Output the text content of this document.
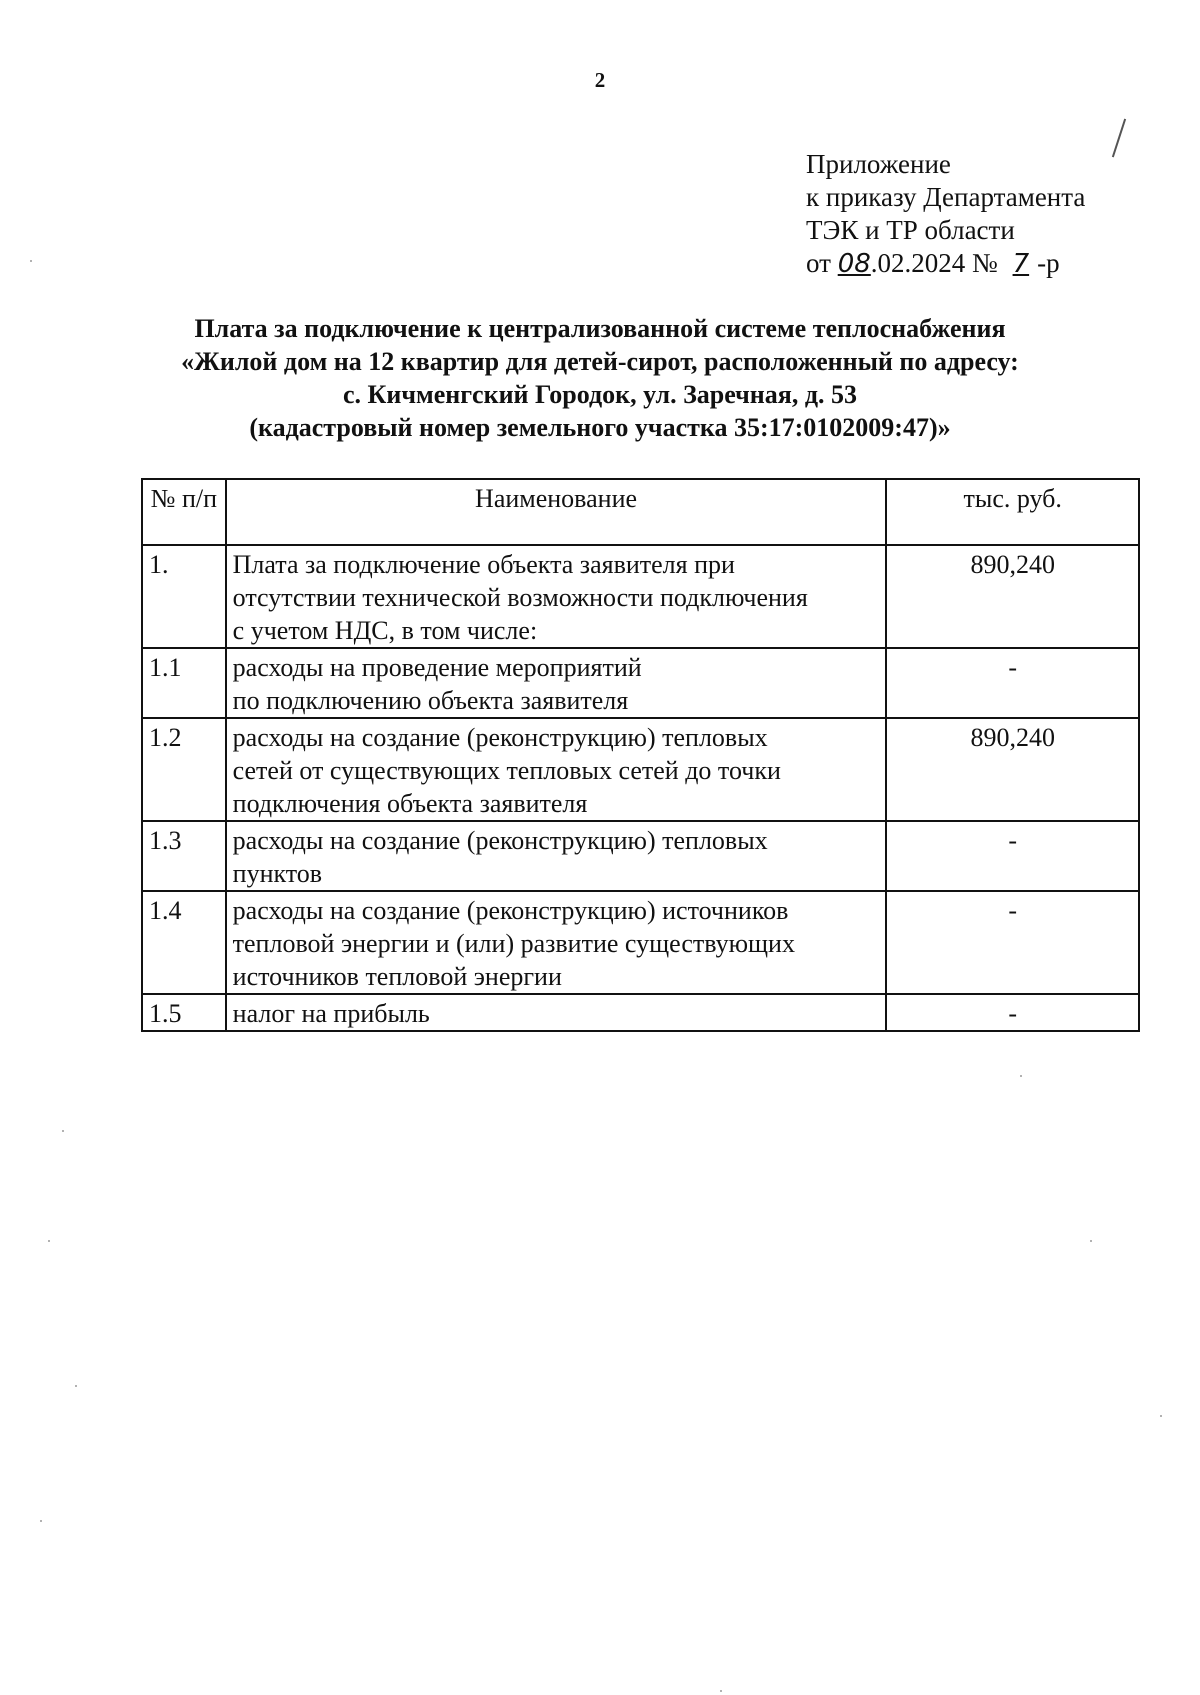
2
Приложение
к приказу Департамента
ТЭК и ТР области
от 08.02.2024 № 7 -р
Плата за подключение к централизованной системе теплоснабжения
«Жилой дом на 12 квартир для детей-сирот, расположенный по адресу:
с. Кичменгский Городок, ул. Заречная, д. 53
(кадастровый номер земельного участка 35:17:0102009:47)»
№ п/п	Наименование	тыс. руб.
1.	Плата за подключение объекта заявителя при
отсутствии технической возможности подключения
с учетом НДС, в том числе:	890,240
1.1	расходы на проведение мероприятий
по подключению объекта заявителя	-
1.2	расходы на создание (реконструкцию) тепловых
сетей от существующих тепловых сетей до точки
подключения объекта заявителя	890,240
1.3	расходы на создание (реконструкцию) тепловых
пунктов	-
1.4	расходы на создание (реконструкцию) источников
тепловой энергии и (или) развитие существующих
источников тепловой энергии	-
1.5	налог на прибыль	-
